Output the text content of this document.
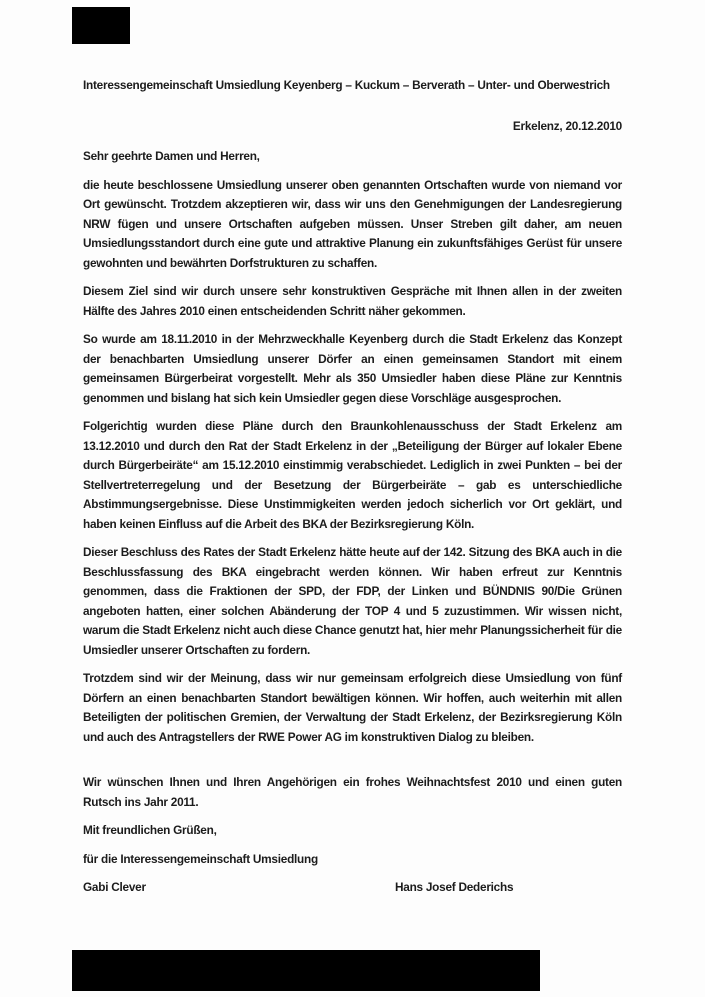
Interessengemeinschaft Umsiedlung Keyenberg – Kuckum – Berverath – Unter- und Oberwestrich

Erkelenz, 20.12.2010

Sehr geehrte Damen und Herren,

die heute beschlossene Umsiedlung unserer oben genannten Ortschaften wurde von niemand vor Ort gewünscht. Trotzdem akzeptieren wir, dass wir uns den Genehmigungen der Landesregierung NRW fügen und unsere Ortschaften aufgeben müssen. Unser Streben gilt daher, am neuen Umsiedlungsstandort durch eine gute und attraktive Planung ein zukunftsfähiges Gerüst für unsere gewohnten und bewährten Dorfstrukturen zu schaffen.

Diesem Ziel sind wir durch unsere sehr konstruktiven Gespräche mit Ihnen allen in der zweiten Hälfte des Jahres 2010 einen entscheidenden Schritt näher gekommen.

So wurde am 18.11.2010 in der Mehrzweckhalle Keyenberg durch die Stadt Erkelenz das Konzept der benachbarten Umsiedlung unserer Dörfer an einen gemeinsamen Standort mit einem gemeinsamen Bürgerbeirat vorgestellt. Mehr als 350 Umsiedler haben diese Pläne zur Kenntnis genommen und bislang hat sich kein Umsiedler gegen diese Vorschläge ausgesprochen.

Folgerichtig wurden diese Pläne durch den Braunkohlenausschuss der Stadt Erkelenz am 13.12.2010 und durch den Rat der Stadt Erkelenz in der „Beteiligung der Bürger auf lokaler Ebene durch Bürgerbeiräte“ am 15.12.2010 einstimmig verabschiedet. Lediglich in zwei Punkten – bei der Stellvertreterregelung und der Besetzung der Bürgerbeiräte – gab es unterschiedliche Abstimmungsergebnisse. Diese Unstimmigkeiten werden jedoch sicherlich vor Ort geklärt, und haben keinen Einfluss auf die Arbeit des BKA der Bezirksregierung Köln.

Dieser Beschluss des Rates der Stadt Erkelenz hätte heute auf der 142. Sitzung des BKA auch in die Beschlussfassung des BKA eingebracht werden können. Wir haben erfreut zur Kenntnis genommen, dass die Fraktionen der SPD, der FDP, der Linken und BÜNDNIS 90/Die Grünen angeboten hatten, einer solchen Abänderung der TOP 4 und 5 zuzustimmen. Wir wissen nicht, warum die Stadt Erkelenz nicht auch diese Chance genutzt hat, hier mehr Planungssicherheit für die Umsiedler unserer Ortschaften zu fordern.

Trotzdem sind wir der Meinung, dass wir nur gemeinsam erfolgreich diese Umsiedlung von fünf Dörfern an einen benachbarten Standort bewältigen können. Wir hoffen, auch weiterhin mit allen Beteiligten der politischen Gremien, der Verwaltung der Stadt Erkelenz, der Bezirksregierung Köln und auch des Antragstellers der RWE Power AG im konstruktiven Dialog zu bleiben.

Wir wünschen Ihnen und Ihren Angehörigen ein frohes Weihnachtsfest 2010 und einen guten Rutsch ins Jahr 2011.

Mit freundlichen Grüßen,

für die Interessengemeinschaft Umsiedlung

Gabi Clever	Hans Josef Dederichs
